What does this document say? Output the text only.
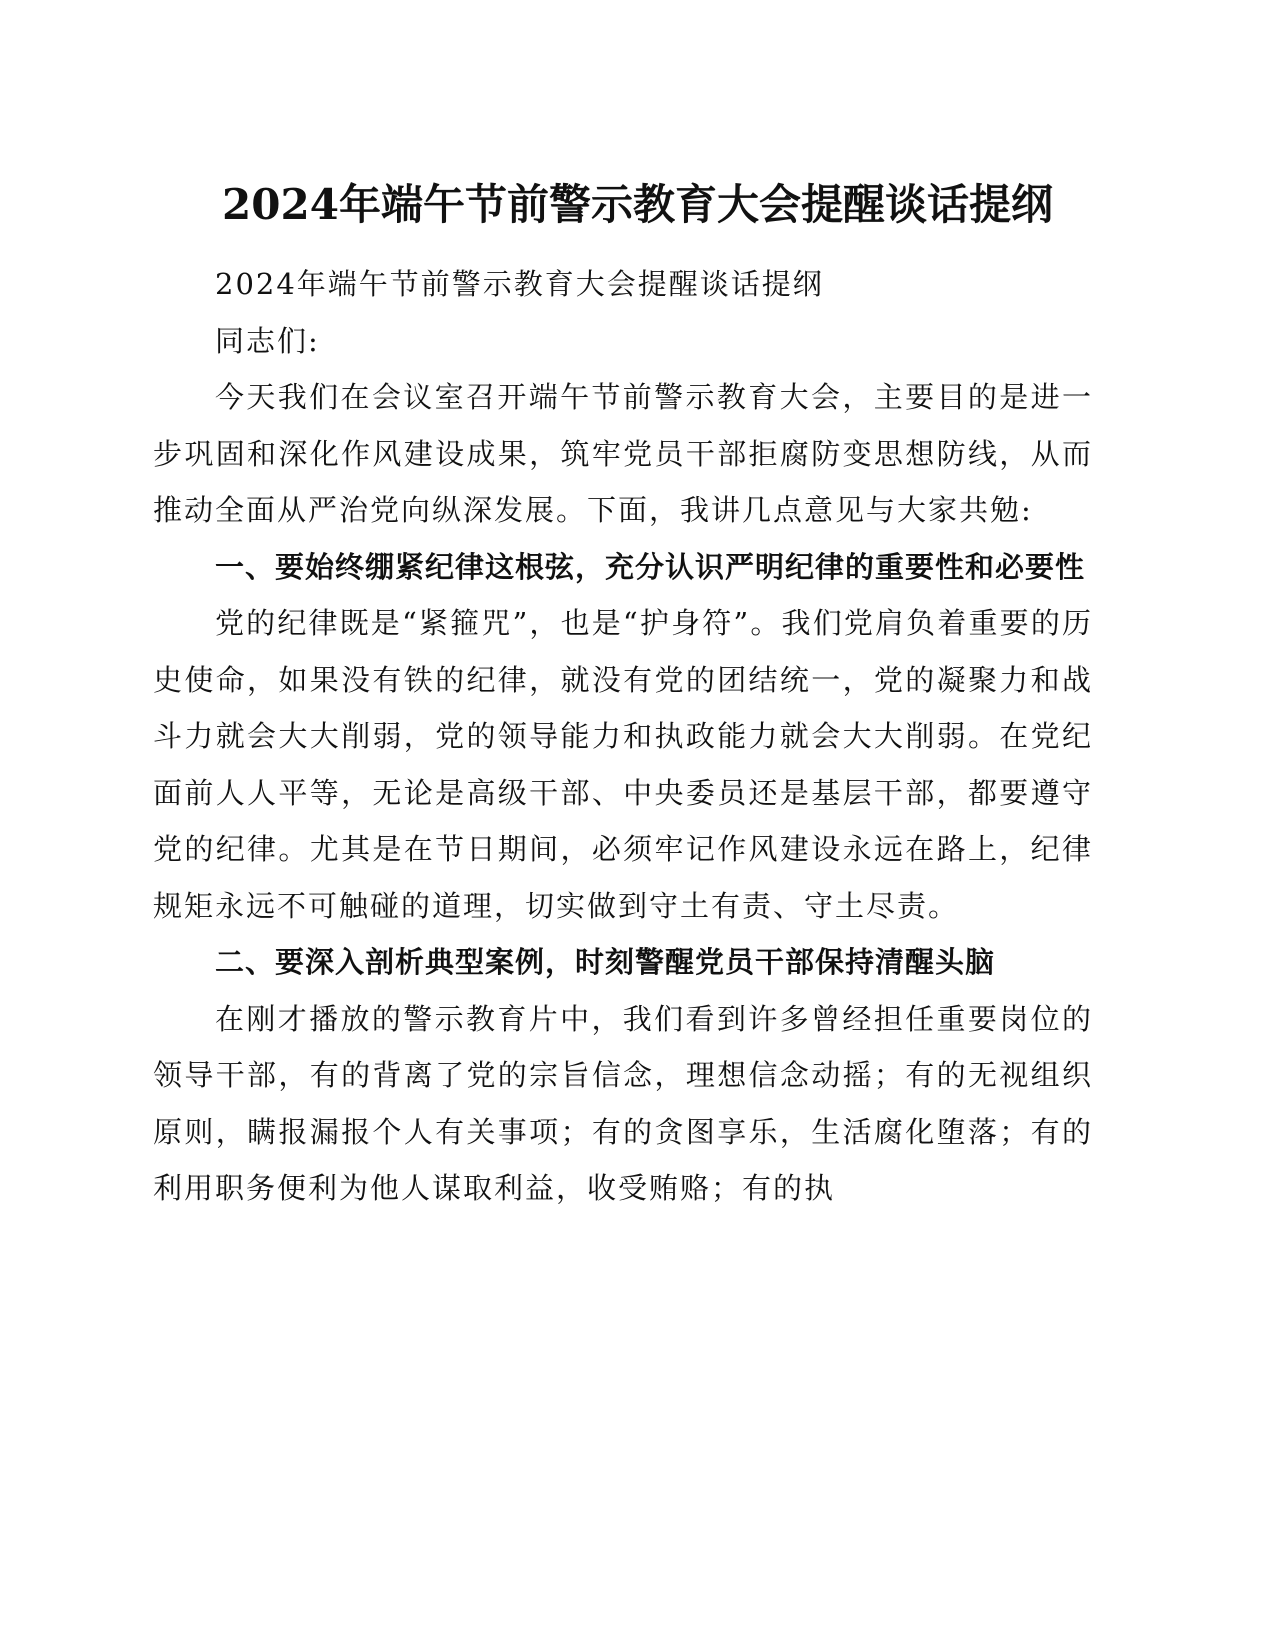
2024年端午节前警示教育大会提醒谈话提纲

2024年端午节前警示教育大会提醒谈话提纲

同志们:

今天我们在会议室召开端午节前警示教育大会，主要目的是进一步巩固和深化作风建设成果，筑牢党员干部拒腐防变思想防线，从而推动全面从严治党向纵深发展。下面，我讲几点意见与大家共勉:

一、要始终绷紧纪律这根弦，充分认识严明纪律的重要性和必要性

党的纪律既是“紧箍咒”，也是“护身符”。我们党肩负着重要的历史使命，如果没有铁的纪律，就没有党的团结统一，党的凝聚力和战斗力就会大大削弱，党的领导能力和执政能力就会大大削弱。在党纪面前人人平等，无论是高级干部、中央委员还是基层干部，都要遵守党的纪律。尤其是在节日期间，必须牢记作风建设永远在路上，纪律规矩永远不可触碰的道理，切实做到守土有责、守土尽责。

二、要深入剖析典型案例，时刻警醒党员干部保持清醒头脑

在刚才播放的警示教育片中，我们看到许多曾经担任重要岗位的领导干部，有的背离了党的宗旨信念，理想信念动摇；有的无视组织原则，瞒报漏报个人有关事项；有的贪图享乐，生活腐化堕落；有的利用职务便利为他人谋取利益，收受贿赂；有的执
